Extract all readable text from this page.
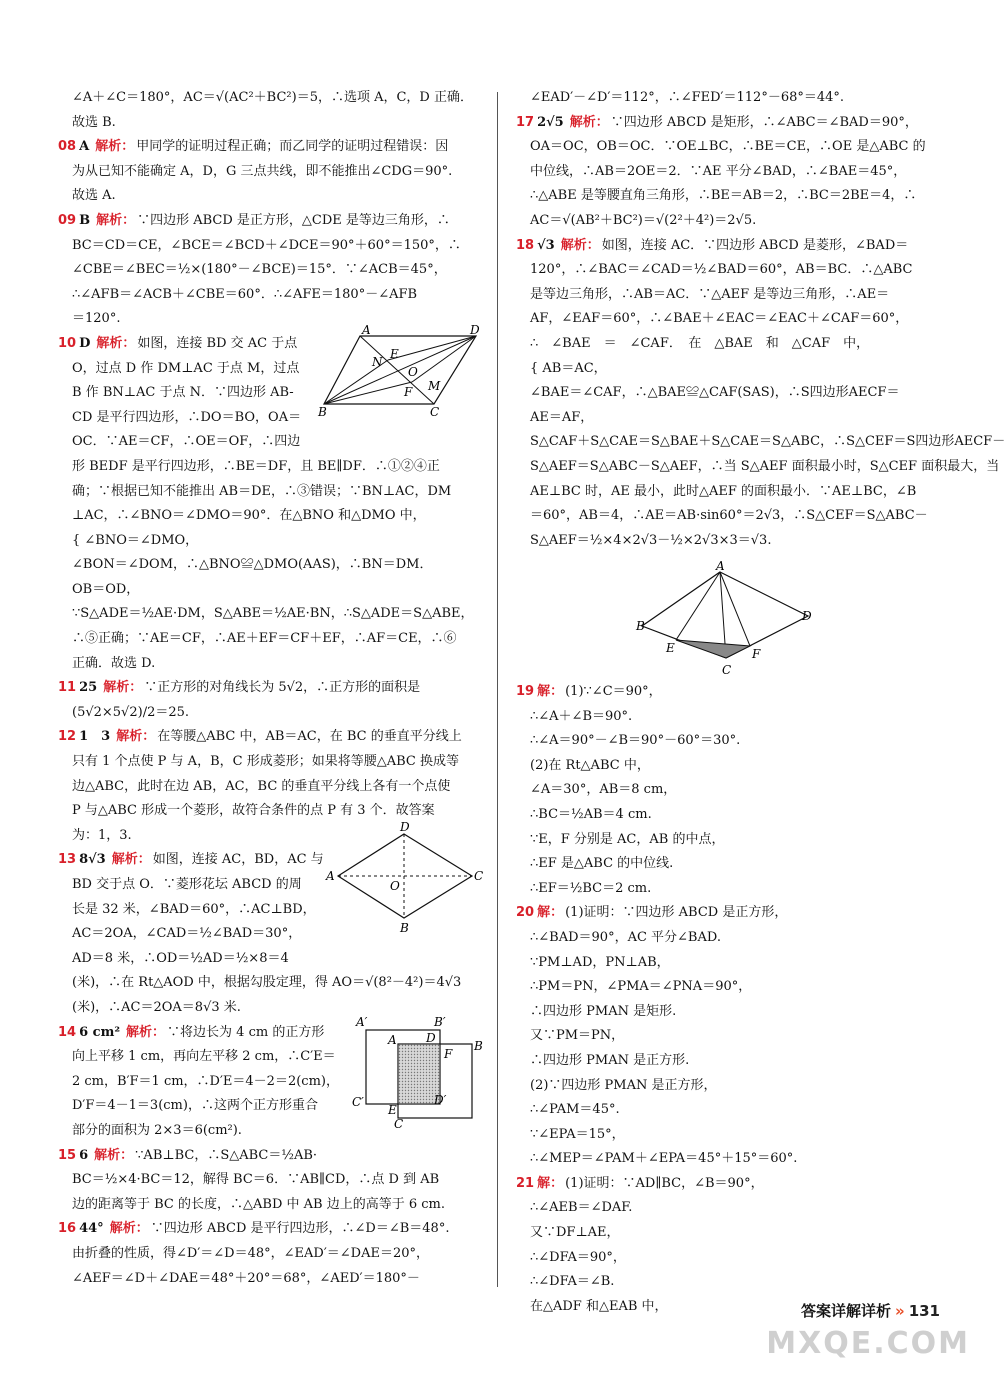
∠A＋∠C＝180°，AC＝√(AC²＋BC²)＝5，∴选项 A，C，D 正确．
故选 B.
08 A 解析： 甲同学的证明过程正确；而乙同学的证明过程错误：因
为从已知不能确定 A，D，G 三点共线，即不能推出∠CDG＝90°.
故选 A.
09 B 解析： ∵四边形 ABCD 是正方形，△CDE 是等边三角形，∴
BC＝CD＝CE，∠BCE＝∠BCD＋∠DCE＝90°＋60°＝150°，∴
∠CBE＝∠BEC＝½×(180°－∠BCE)＝15°．∵∠ACB＝45°，
∴∠AFB＝∠ACB＋∠CBE＝60°．∴∠AFE＝180°－∠AFB
＝120°.
10 D 解析： 如图，连接 BD 交 AC 于点
O，过点 D 作 DM⊥AC 于点 M，过点
B 作 BN⊥AC 于点 N．∵四边形 AB-
CD 是平行四边形，∴DO＝BO，OA＝
OC．∵AE＝CF，∴OE＝OF，∴四边
形 BEDF 是平行四边形，∴BE＝DF，且 BE∥DF．∴①②④正
确；∵根据已知不能推出 AB＝DE，∴③错误；∵BN⊥AC，DM
⊥AC，∴∠BNO＝∠DMO＝90°．在△BNO 和△DMO 中，
{ ∠BNO＝∠DMO，
∠BON＝∠DOM，∴△BNO≌△DMO(AAS)，∴BN＝DM．
OB＝OD，
∵S△ADE＝½AE·DM，S△ABE＝½AE·BN，∴S△ADE＝S△ABE，
∴⑤正确；∵AE＝CF，∴AE＋EF＝CF＋EF，∴AF＝CE，∴⑥
正确．故选 D.
11 25 解析： ∵正方形的对角线长为 5√2，∴正方形的面积是
(5√2×5√2)/2＝25.
12 1　3 解析： 在等腰△ABC 中，AB＝AC，在 BC 的垂直平分线上
只有 1 个点使 P 与 A，B，C 形成菱形；如果将等腰△ABC 换成等
边△ABC，此时在边 AB，AC，BC 的垂直平分线上各有一个点使
P 与△ABC 形成一个菱形，故符合条件的点 P 有 3 个．故答案
为：1，3.
13 8√3 解析： 如图，连接 AC，BD，AC 与
BD 交于点 O．∵菱形花坛 ABCD 的周
长是 32 米，∠BAD＝60°，∴AC⊥BD，
AC＝2OA，∠CAD＝½∠BAD＝30°，
AD＝8 米，∴OD＝½AD＝½×8＝4
(米)，∴在 Rt△AOD 中，根据勾股定理，得 AO＝√(8²－4²)＝4√3
(米)，∴AC＝2OA＝8√3 米.
14 6 cm² 解析： ∵将边长为 4 cm 的正方形
向上平移 1 cm，再向左平移 2 cm，∴C′E＝
2 cm，B′F＝1 cm，∴D′E＝4－2＝2(cm)，
D′F＝4－1＝3(cm)，∴这两个正方形重合
部分的面积为 2×3＝6(cm²).
15 6 解析： ∵AB⊥BC，∴S△ABC＝½AB·
BC＝½×4·BC＝12，解得 BC＝6．∵AB∥CD，∴点 D 到 AB
边的距离等于 BC 的长度，∴△ABD 中 AB 边上的高等于 6 cm.
16 44° 解析： ∵四边形 ABCD 是平行四边形，∴∠D＝∠B＝48°.
由折叠的性质，得∠D′＝∠D＝48°，∠EAD′＝∠DAE＝20°，
∠AEF＝∠D＋∠DAE＝48°＋20°＝68°，∠AED′＝180°－
∠EAD′－∠D′＝112°，∴∠FED′＝112°－68°＝44°.
17 2√5 解析： ∵四边形 ABCD 是矩形，∴∠ABC＝∠BAD＝90°，
OA＝OC，OB＝OC．∵OE⊥BC，∴BE＝CE，∴OE 是△ABC 的
中位线，∴AB＝2OE＝2．∵AE 平分∠BAD，∴∠BAE＝45°，
∴△ABE 是等腰直角三角形，∴BE＝AB＝2，∴BC＝2BE＝4，∴
AC＝√(AB²＋BC²)＝√(2²＋4²)＝2√5.
18 √3 解析： 如图，连接 AC．∵四边形 ABCD 是菱形，∠BAD＝
120°，∴∠BAC＝∠CAD＝½∠BAD＝60°，AB＝BC．∴△ABC
是等边三角形，∴AB＝AC．∵△AEF 是等边三角形，∴AE＝
AF，∠EAF＝60°，∴∠BAE＋∠EAC＝∠EAC＋∠CAF＝60°，
∴　∠BAE　＝　∠CAF．　在　△BAE　和　△CAF　中，
{ AB＝AC，
∠BAE＝∠CAF，∴△BAE≌△CAF(SAS)，∴S四边形AECF＝
AE＝AF，
S△CAF＋S△CAE＝S△BAE＋S△CAE＝S△ABC，∴S△CEF＝S四边形AECF－
S△AEF＝S△ABC－S△AEF，∴当 S△AEF 面积最小时，S△CEF 面积最大，当
AE⊥BC 时，AE 最小，此时△AEF 的面积最小．∵AE⊥BC，∠B
＝60°，AB＝4，∴AE＝AB·sin60°＝2√3，∴S△CEF＝S△ABC－
S△AEF＝½×4×2√3－½×2√3×3＝√3.
19 解： (1)∵∠C＝90°，
∴∠A＋∠B＝90°.
∴∠A＝90°－∠B＝90°－60°＝30°.
(2)在 Rt△ABC 中，
∠A＝30°，AB＝8 cm，
∴BC＝½AB＝4 cm.
∵E，F 分别是 AC，AB 的中点，
∴EF 是△ABC 的中位线.
∴EF＝½BC＝2 cm.
20 解： (1)证明：∵四边形 ABCD 是正方形，
∴∠BAD＝90°，AC 平分∠BAD.
∵PM⊥AD，PN⊥AB，
∴PM＝PN，∠PMA＝∠PNA＝90°，
∴四边形 PMAN 是矩形.
又∵PM＝PN，
∴四边形 PMAN 是正方形.
(2)∵四边形 PMAN 是正方形，
∴∠PAM＝45°.
∵∠EPA＝15°，
∴∠MEP＝∠PAM＋∠EPA＝45°＋15°＝60°.
21 解： (1)证明：∵AD∥BC，∠B＝90°，
∴∠AEB＝∠DAF.
又∵DF⊥AE，
∴∠DFA＝90°，
∴∠DFA＝∠B.
在△ADF 和△EAB 中，
A	D
B	C
N
E
O
F M
D
A
O
C
B
A′	B′
A D
B
F
C′
E
D′
C
A
B
D
E	F
C
答案详解详析 » 131
MXQE.COM
